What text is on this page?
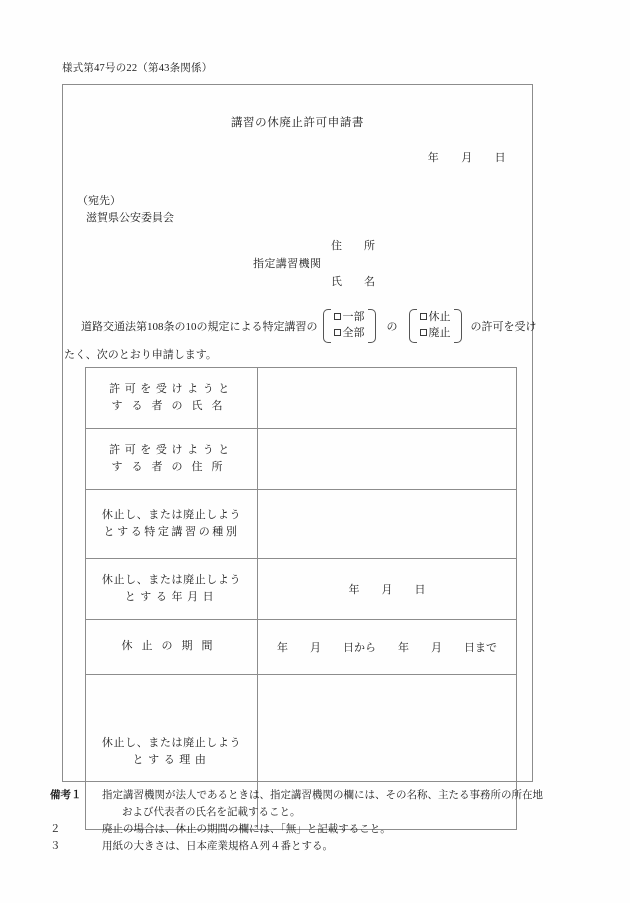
様式第47号の22（第43条関係）
講習の休廃止許可申請書
年 月 日
（宛先）
滋賀県公安委員会
住　　所
指定講習機関
氏　　名
道路交通法第108条の10の規定による特定講習の
一部
全部 の
休止
廃止 の許可を受け
たく、次のとおり申請します。
許可を受けようと
する者の氏名	

許可を受けようと
する者の住所	

休止し、または廃止しよう
とする特定講習の種別	

休止し、または廃止しよう
とする年月日	年　　月　　日

休止の期間	年　　月　　日から　　年　　月　　日まで

休止し、または廃止しよう
とする理由	

備考１	指定講習機関が法人であるときは、指定講習機関の欄には、その名称、主たる事務所の所在地
および代表者の氏名を記載すること。
２	廃止の場合は、休止の期間の欄には、「無」と記載すること。
３	用紙の大きさは、日本産業規格Ａ列４番とする。
